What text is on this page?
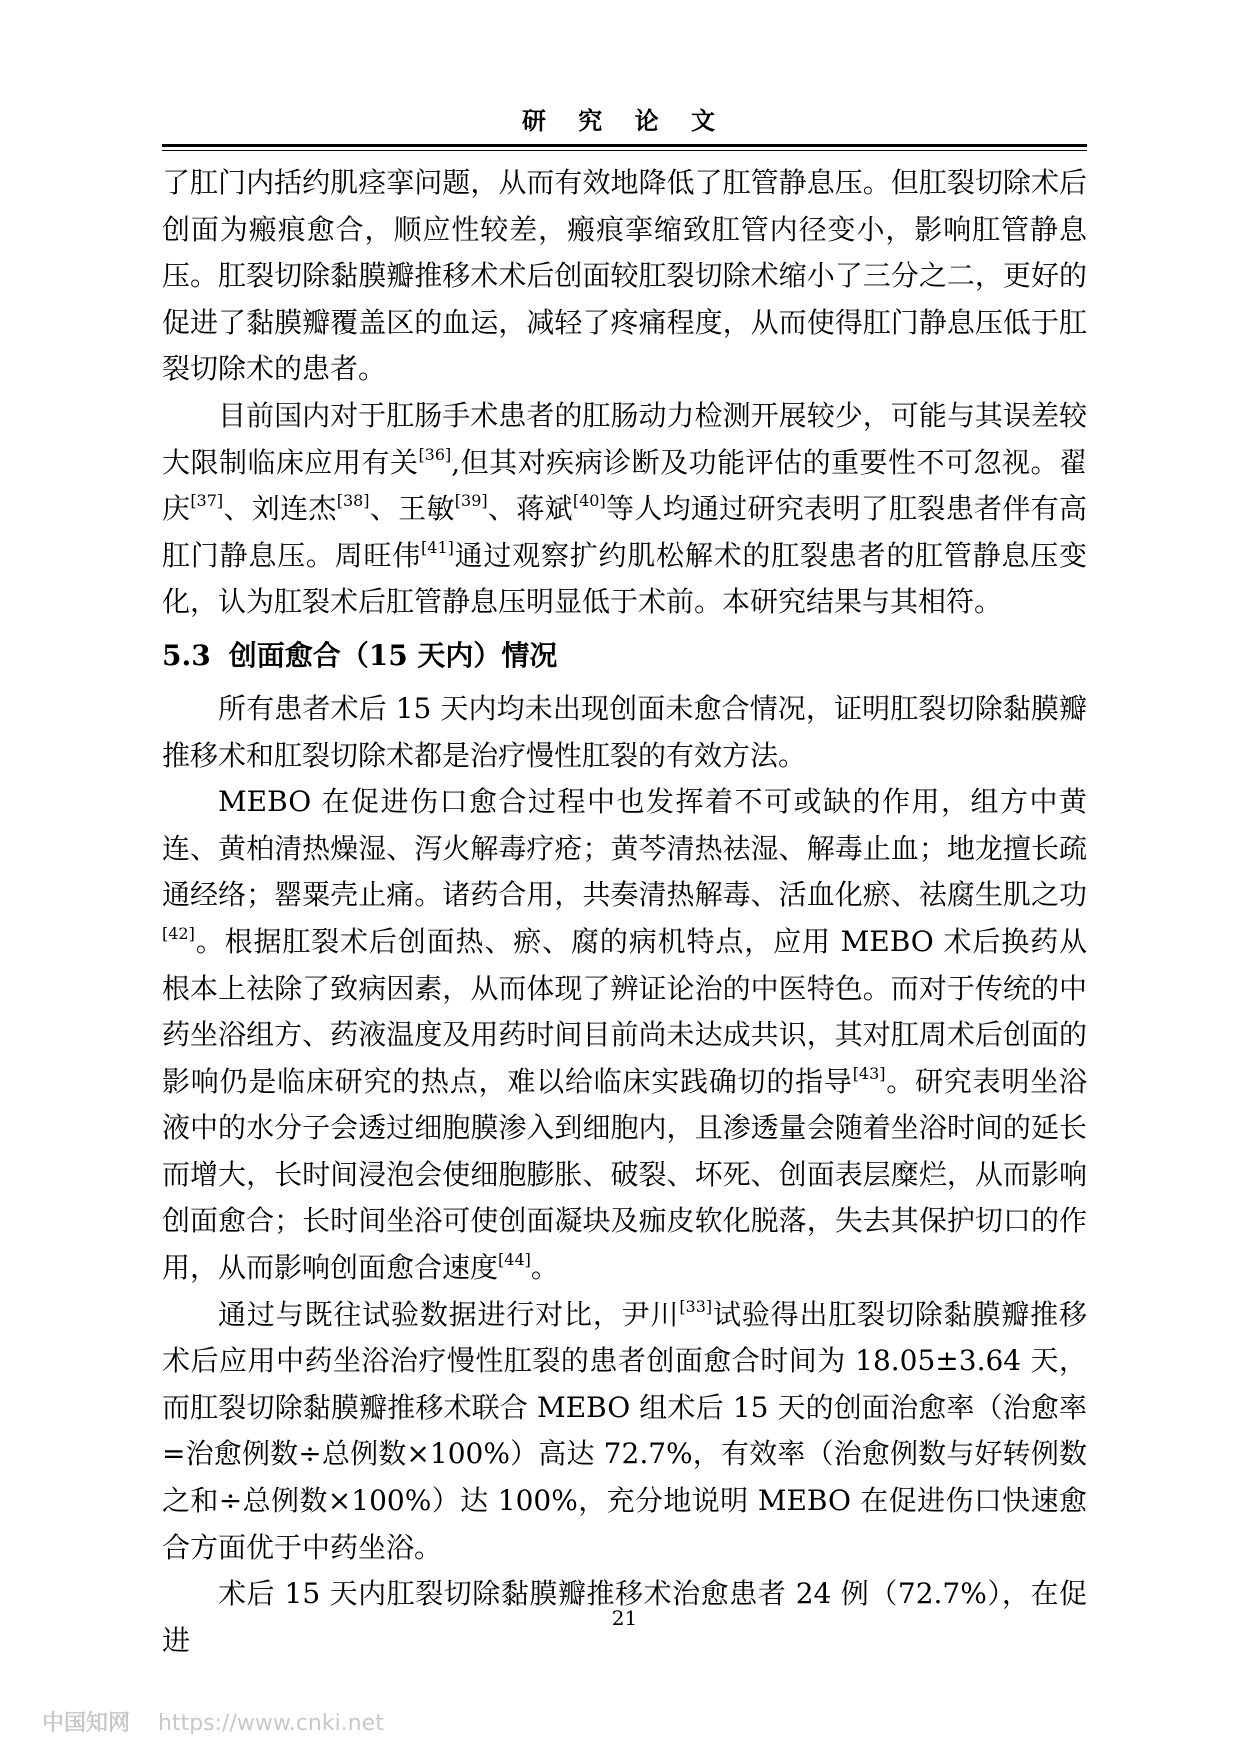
研 究 论 文

了肛门内括约肌痉挛问题，从而有效地降低了肛管静息压。但肛裂切除术后创面为瘢痕愈合，顺应性较差，瘢痕挛缩致肛管内径变小，影响肛管静息压。肛裂切除黏膜瓣推移术术后创面较肛裂切除术缩小了三分之二，更好的促进了黏膜瓣覆盖区的血运，减轻了疼痛程度，从而使得肛门静息压低于肛裂切除术的患者。

目前国内对于肛肠手术患者的肛肠动力检测开展较少，可能与其误差较大限制临床应用有关[36],但其对疾病诊断及功能评估的重要性不可忽视。翟庆[37]、刘连杰[38]、王敏[39]、蒋斌[40]等人均通过研究表明了肛裂患者伴有高肛门静息压。周旺伟[41]通过观察扩约肌松解术的肛裂患者的肛管静息压变化，认为肛裂术后肛管静息压明显低于术前。本研究结果与其相符。

5.3 创面愈合（15 天内）情况

所有患者术后 15 天内均未出现创面未愈合情况，证明肛裂切除黏膜瓣推移术和肛裂切除术都是治疗慢性肛裂的有效方法。

MEBO 在促进伤口愈合过程中也发挥着不可或缺的作用，组方中黄连、黄柏清热燥湿、泻火解毒疗疮；黄芩清热祛湿、解毒止血；地龙擅长疏通经络；罂粟壳止痛。诸药合用，共奏清热解毒、活血化瘀、祛腐生肌之功[42]。根据肛裂术后创面热、瘀、腐的病机特点，应用 MEBO 术后换药从根本上祛除了致病因素，从而体现了辨证论治的中医特色。而对于传统的中药坐浴组方、药液温度及用药时间目前尚未达成共识，其对肛周术后创面的影响仍是临床研究的热点，难以给临床实践确切的指导[43]。研究表明坐浴液中的水分子会透过细胞膜渗入到细胞内，且渗透量会随着坐浴时间的延长而增大，长时间浸泡会使细胞膨胀、破裂、坏死、创面表层糜烂，从而影响创面愈合；长时间坐浴可使创面凝块及痂皮软化脱落，失去其保护切口的作用，从而影响创面愈合速度[44]。

通过与既往试验数据进行对比，尹川[33]试验得出肛裂切除黏膜瓣推移术后应用中药坐浴治疗慢性肛裂的患者创面愈合时间为 18.05±3.64 天，而肛裂切除黏膜瓣推移术联合 MEBO 组术后 15 天的创面治愈率（治愈率=治愈例数÷总例数×100%）高达 72.7%，有效率（治愈例数与好转例数之和÷总例数×100%）达 100%，充分地说明 MEBO 在促进伤口快速愈合方面优于中药坐浴。

术后 15 天内肛裂切除黏膜瓣推移术治愈患者 24 例（72.7%），在促进

21
中国知网 https://www.cnki.net
